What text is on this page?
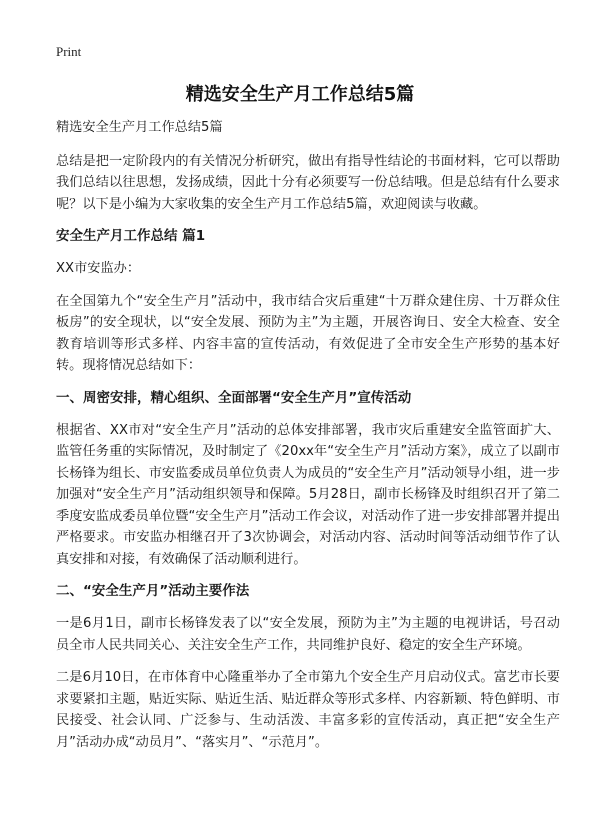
Print
精选安全生产月工作总结5篇

精选安全生产月工作总结5篇

总结是把一定阶段内的有关情况分析研究，做出有指导性结论的书面材料，它可以帮助我们总结以往思想，发扬成绩，因此十分有必须要写一份总结哦。但是总结有什么要求呢？以下是小编为大家收集的安全生产月工作总结5篇，欢迎阅读与收藏。

安全生产月工作总结 篇1

XX市安监办：

在全国第九个“安全生产月”活动中，我市结合灾后重建“十万群众建住房、十万群众住板房”的安全现状，以“安全发展、预防为主”为主题，开展咨询日、安全大检查、安全教育培训等形式多样、内容丰富的宣传活动，有效促进了全市安全生产形势的基本好转。现将情况总结如下：

一、周密安排，精心组织、全面部署“安全生产月”宣传活动

根据省、XX市对“安全生产月”活动的总体安排部署，我市灾后重建安全监管面扩大、监管任务重的实际情况，及时制定了《20xx年“安全生产月”活动方案》，成立了以副市长杨锋为组长、市安监委成员单位负责人为成员的“安全生产月”活动领导小组，进一步加强对“安全生产月”活动组织领导和保障。5月28日，副市长杨锋及时组织召开了第二季度安监成委员单位暨“安全生产月”活动工作会议，对活动作了进一步安排部署并提出严格要求。市安监办相继召开了3次协调会，对活动内容、活动时间等活动细节作了认真安排和对接，有效确保了活动顺利进行。

二、“安全生产月”活动主要作法

一是6月1日，副市长杨锋发表了以“安全发展，预防为主”为主题的电视讲话，号召动员全市人民共同关心、关注安全生产工作，共同维护良好、稳定的安全生产环境。

二是6月10日，在市体育中心隆重举办了全市第九个安全生产月启动仪式。富艺市长要求要紧扣主题，贴近实际、贴近生活、贴近群众等形式多样、内容新颖、特色鲜明、市民接受、社会认同、广泛参与、生动活泼、丰富多彩的宣传活动，真正把“安全生产月”活动办成“动员月”、“落实月”、“示范月”。
